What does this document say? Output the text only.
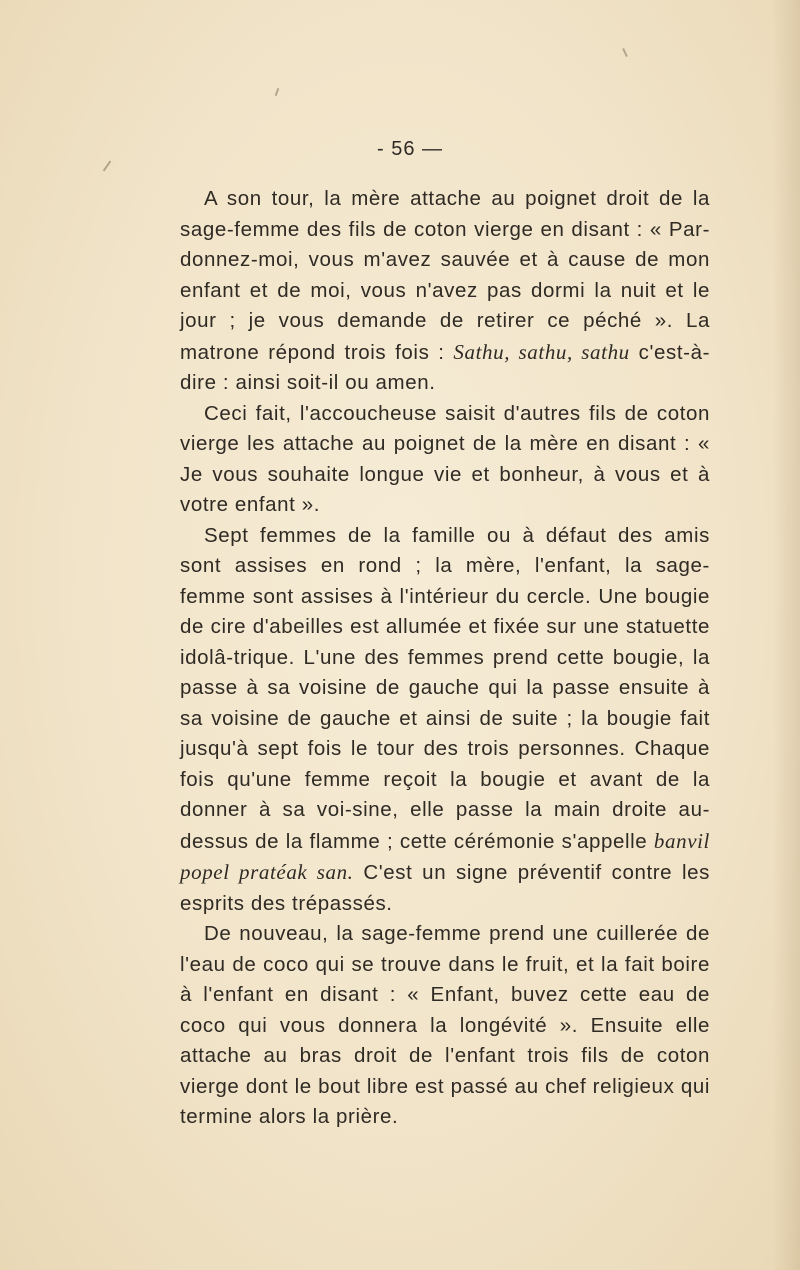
- 56 —

A son tour, la mère attache au poignet droit de la sage-femme des fils de coton vierge en disant : « Par-donnez-moi, vous m'avez sauvée et à cause de mon enfant et de moi, vous n'avez pas dormi la nuit et le jour ; je vous demande de retirer ce péché ». La matrone répond trois fois : Sathu, sathu, sathu c'est-à-dire : ainsi soit-il ou amen.

Ceci fait, l'accoucheuse saisit d'autres fils de coton vierge les attache au poignet de la mère en disant : « Je vous souhaite longue vie et bonheur, à vous et à votre enfant ».

Sept femmes de la famille ou à défaut des amis sont assises en rond ; la mère, l'enfant, la sage-femme sont assises à l'intérieur du cercle. Une bougie de cire d'abeilles est allumée et fixée sur une statuette idolâ-trique. L'une des femmes prend cette bougie, la passe à sa voisine de gauche qui la passe ensuite à sa voisine de gauche et ainsi de suite ; la bougie fait jusqu'à sept fois le tour des trois personnes. Chaque fois qu'une femme reçoit la bougie et avant de la donner à sa voi-sine, elle passe la main droite au-dessus de la flamme ; cette cérémonie s'appelle banvil popel pratéak san. C'est un signe préventif contre les esprits des trépassés.

De nouveau, la sage-femme prend une cuillerée de l'eau de coco qui se trouve dans le fruit, et la fait boire à l'enfant en disant : « Enfant, buvez cette eau de coco qui vous donnera la longévité ». Ensuite elle attache au bras droit de l'enfant trois fils de coton vierge dont le bout libre est passé au chef religieux qui termine alors la prière.
